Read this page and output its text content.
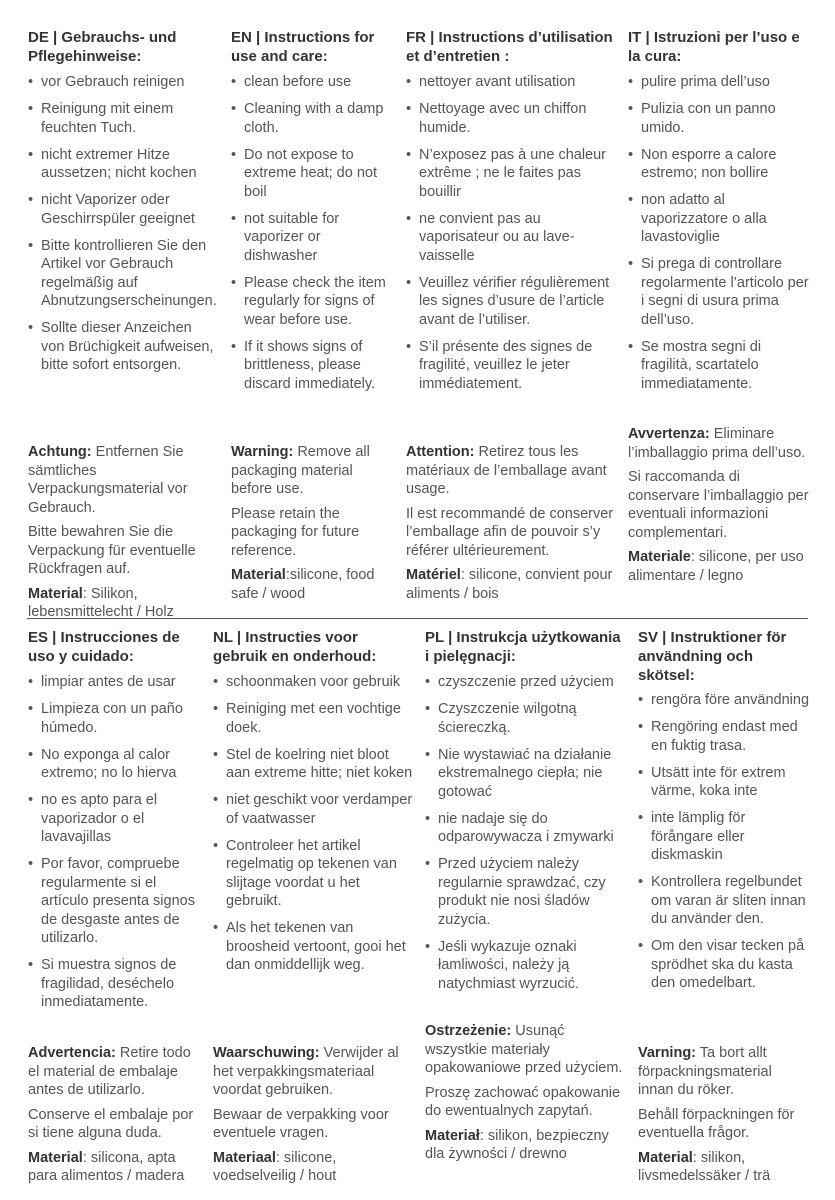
DE | Gebrauchs- und Pflegehinweise:
• vor Gebrauch reinigen
• Reinigung mit einem feuchten Tuch.
• nicht extremer Hitze aussetzen; nicht kochen
• nicht Vaporizer oder Geschirrspüler geeignet
• Bitte kontrollieren Sie den Artikel vor Gebrauch regelmäßig auf Abnutzungserscheinungen.
• Sollte dieser Anzeichen von Brüchigkeit aufweisen, bitte sofort entsorgen.

Achtung: Entfernen Sie sämtliches Verpackungsmaterial vor Gebrauch.

Bitte bewahren Sie die Verpackung für eventuelle Rückfragen auf.

Material: Silikon, lebensmittelecht / Holz

EN | Instructions for use and care:
• clean before use
• Cleaning with a damp cloth.
• Do not expose to extreme heat; do not boil
• not suitable for vaporizer or dishwasher
• Please check the item regularly for signs of wear before use.
• If it shows signs of brittleness, please discard immediately.

Warning: Remove all packaging material before use.

Please retain the packaging for future reference.

Material:silicone, food safe / wood

FR | Instructions d’utilisation et d’entretien :
• nettoyer avant utilisation
• Nettoyage avec un chiffon humide.
• N’exposez pas à une chaleur extrême ; ne le faites pas bouillir
• ne convient pas au vaporisateur ou au lave-vaisselle
• Veuillez vérifier régulièrement les signes d’usure de l’article avant de l’utiliser.
• S’il présente des signes de fragilité, veuillez le jeter immédiatement.

Attention: Retirez tous les matériaux de l’emballage avant usage.

Il est recommandé de conserver l’emballage afin de pouvoir s’y référer ultérieurement.

Matériel: silicone, convient pour aliments / bois

IT | Istruzioni per l’uso e la cura:
• pulire prima dell’uso
• Pulizia con un panno umido.
• Non esporre a calore estremo; non bollire
• non adatto al vaporizzatore o alla lavastoviglie
• Si prega di controllare regolarmente l’articolo per i segni di usura prima dell’uso.
• Se mostra segni di fragilità, scartatelo immediatamente.

Avvertenza: Eliminare l’imballaggio prima dell’uso.

Si raccomanda di conservare l’imballaggio per eventuali informazioni complementari.

Materiale: silicone, per uso alimentare / legno

ES | Instrucciones de uso y cuidado:
• limpiar antes de usar
• Limpieza con un paño húmedo.
• No exponga al calor extremo; no lo hierva
• no es apto para el vaporizador o el lavavajillas
• Por favor, compruebe regularmente si el artículo presenta signos de desgaste antes de utilizarlo.
• Si muestra signos de fragilidad, deséchelo inmediatamente.

Advertencia: Retire todo el material de embalaje antes de utilizarlo.

Conserve el embalaje por si tiene alguna duda.

Material: silicona, apta para alimentos / madera

NL | Instructies voor gebruik en onderhoud:
• schoonmaken voor gebruik
• Reiniging met een vochtige doek.
• Stel de koelring niet bloot aan extreme hitte; niet koken
• niet geschikt voor verdamper of vaatwasser
• Controleer het artikel regelmatig op tekenen van slijtage voordat u het gebruikt.
• Als het tekenen van broosheid vertoont, gooi het dan onmiddellijk weg.

Waarschuwing: Verwijder al het verpakkingsmateriaal voordat gebruiken.

Bewaar de verpakking voor eventuele vragen.

Materiaal: silicone, voedselveilig / hout

PL | Instrukcja użytkowania i pielęgnacji:
• czyszczenie przed użyciem
• Czyszczenie wilgotną ściereczką.
• Nie wystawiać na działanie ekstremalnego ciepła; nie gotować
• nie nadaje się do odparowywacza i zmywarki
• Przed użyciem należy regularnie sprawdzać, czy produkt nie nosi śladów zużycia.
• Jeśli wykazuje oznaki łamliwości, należy ją natychmiast wyrzucić.

Ostrzeżenie: Usunąć wszystkie materiały opakowaniowe przed użyciem.

Proszę zachować opakowanie do ewentualnych zapytań.

Materiał: silikon, bezpieczny dla żywności / drewno

SV | Instruktioner för användning och skötsel:
• rengöra före användning
• Rengöring endast med en fuktig trasa.
• Utsätt inte för extrem värme, koka inte
• inte lämplig för förångare eller diskmaskin
• Kontrollera regelbundet om varan är sliten innan du använder den.
• Om den visar tecken på sprödhet ska du kasta den omedelbart.

Varning: Ta bort allt förpackningsmaterial innan du röker.

Behåll förpackningen för eventuella frågor.

Material: silikon, livsmedelssäker / trä
